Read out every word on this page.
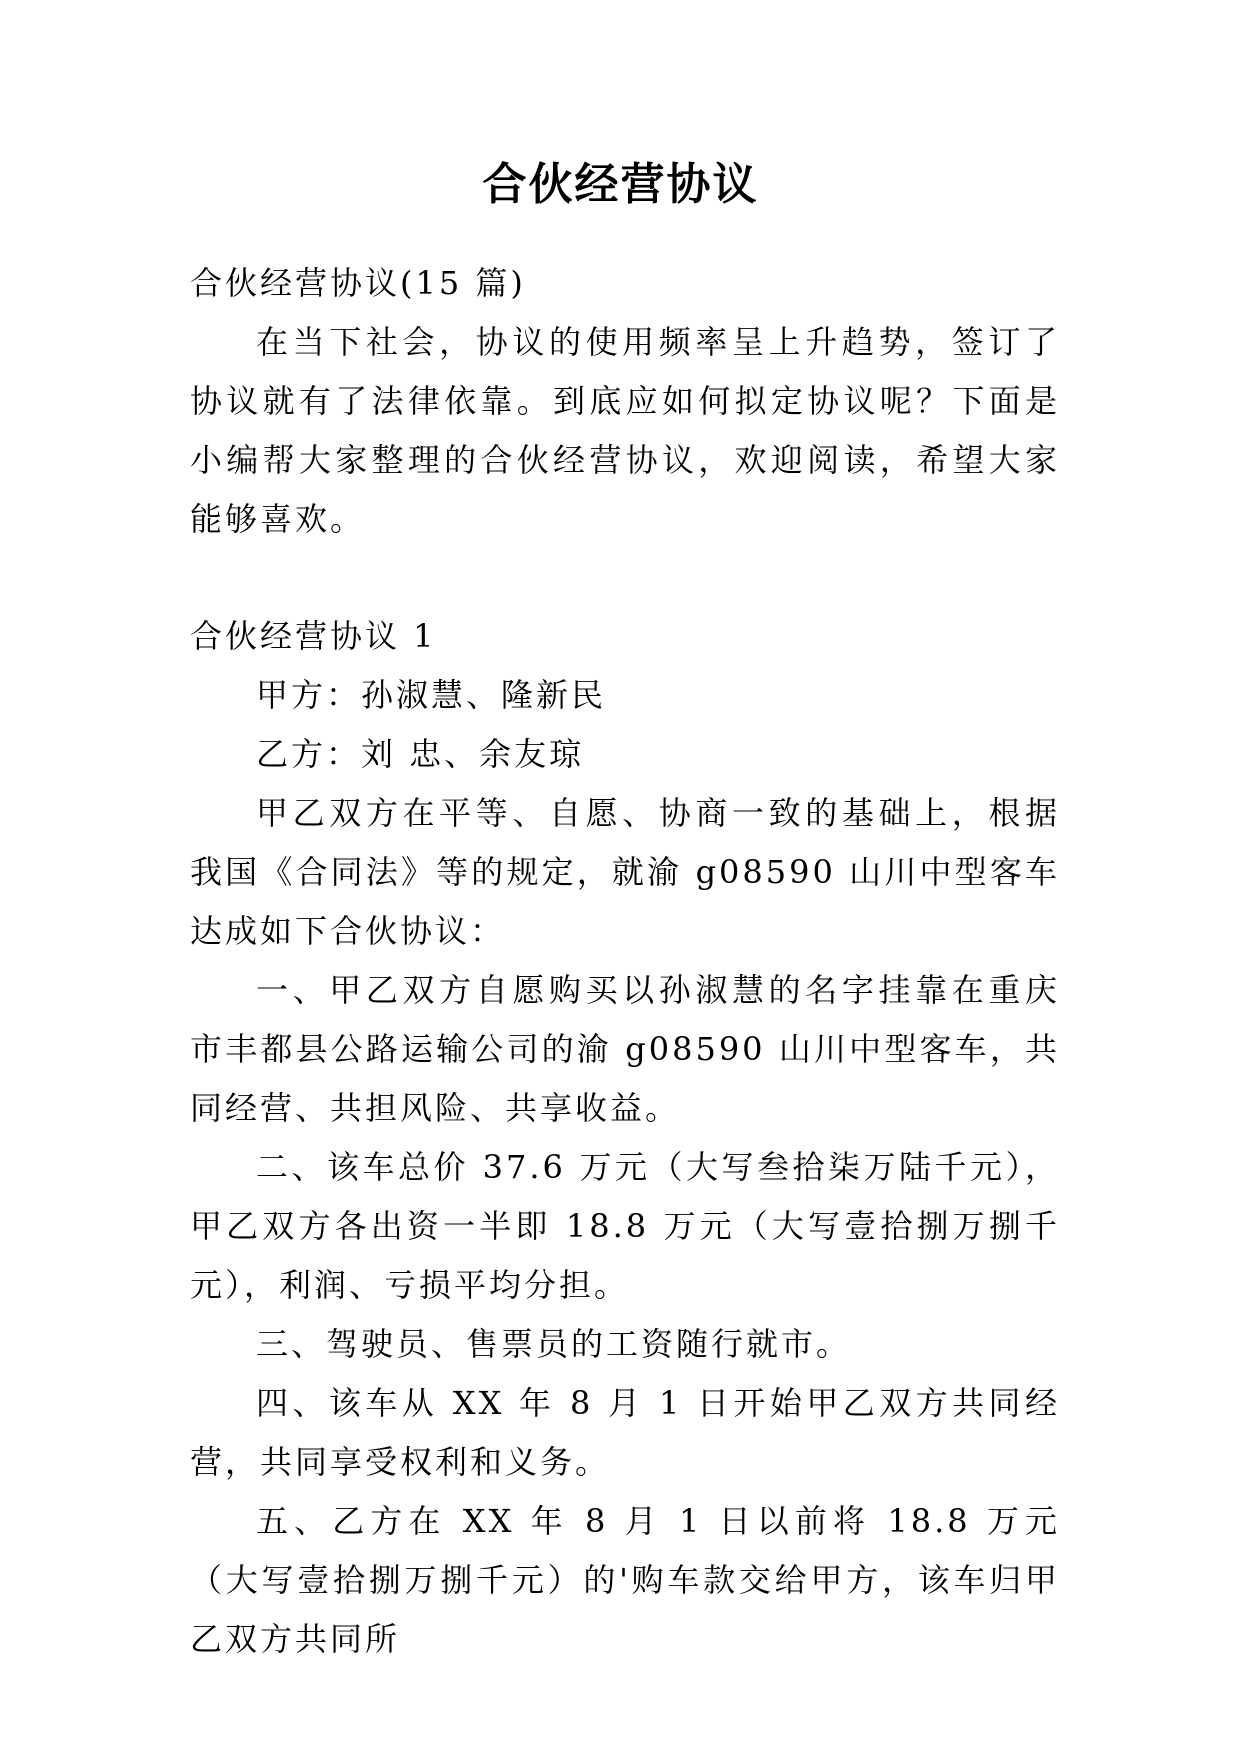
合伙经营协议

合伙经营协议(15 篇)

在当下社会，协议的使用频率呈上升趋势，签订了协议就有了法律依靠。到底应如何拟定协议呢？下面是小编帮大家整理的合伙经营协议，欢迎阅读，希望大家能够喜欢。

合伙经营协议 1

甲方：孙淑慧、隆新民

乙方：刘 忠、余友琼

甲乙双方在平等、自愿、协商一致的基础上，根据我国《合同法》等的规定，就渝 g08590 山川中型客车达成如下合伙协议：

一、甲乙双方自愿购买以孙淑慧的名字挂靠在重庆市丰都县公路运输公司的渝 g08590 山川中型客车，共同经营、共担风险、共享收益。

二、该车总价 37.6 万元（大写叁拾柒万陆千元），甲乙双方各出资一半即 18.8 万元（大写壹拾捌万捌千元），利润、亏损平均分担。

三、驾驶员、售票员的工资随行就市。

四、该车从 XX 年 8 月 1 日开始甲乙双方共同经营，共同享受权利和义务。

五、乙方在 XX 年 8 月 1 日以前将 18.8 万元（大写壹拾捌万捌千元）的'购车款交给甲方，该车归甲乙双方共同所
